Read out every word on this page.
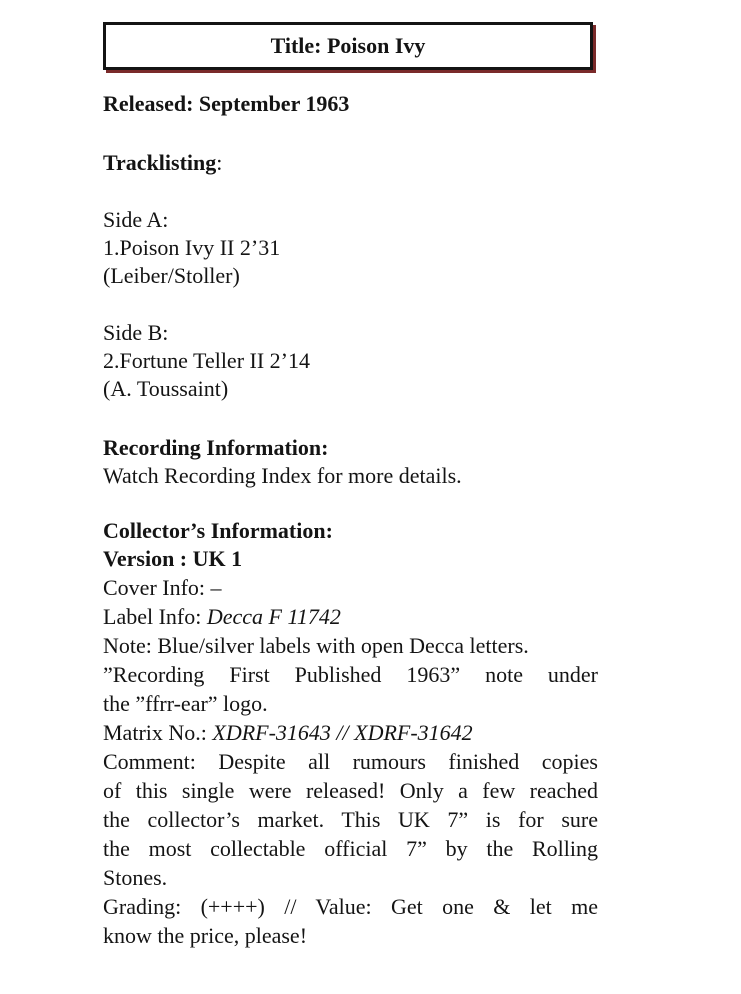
Title: Poison Ivy
Released: September 1963
Tracklisting:
Side A:
1.Poison Ivy II 2’31
(Leiber/Stoller)
Side B:
2.Fortune Teller II 2’14
(A. Toussaint)
Recording Information:
Watch Recording Index for more details.
Collector’s Information:
Version : UK 1
Cover Info: –
Label Info: Decca F 11742
Note: Blue/silver labels with open Decca letters.
”Recording First Published 1963” note under
the ”ffrr-ear” logo.
Matrix No.: XDRF-31643 // XDRF-31642
Comment: Despite all rumours finished copies
of this single were released! Only a few reached
the collector’s market. This UK 7” is for sure
the most collectable official 7” by the Rolling
Stones.
Grading: (++++) // Value: Get one & let me
know the price, please!
